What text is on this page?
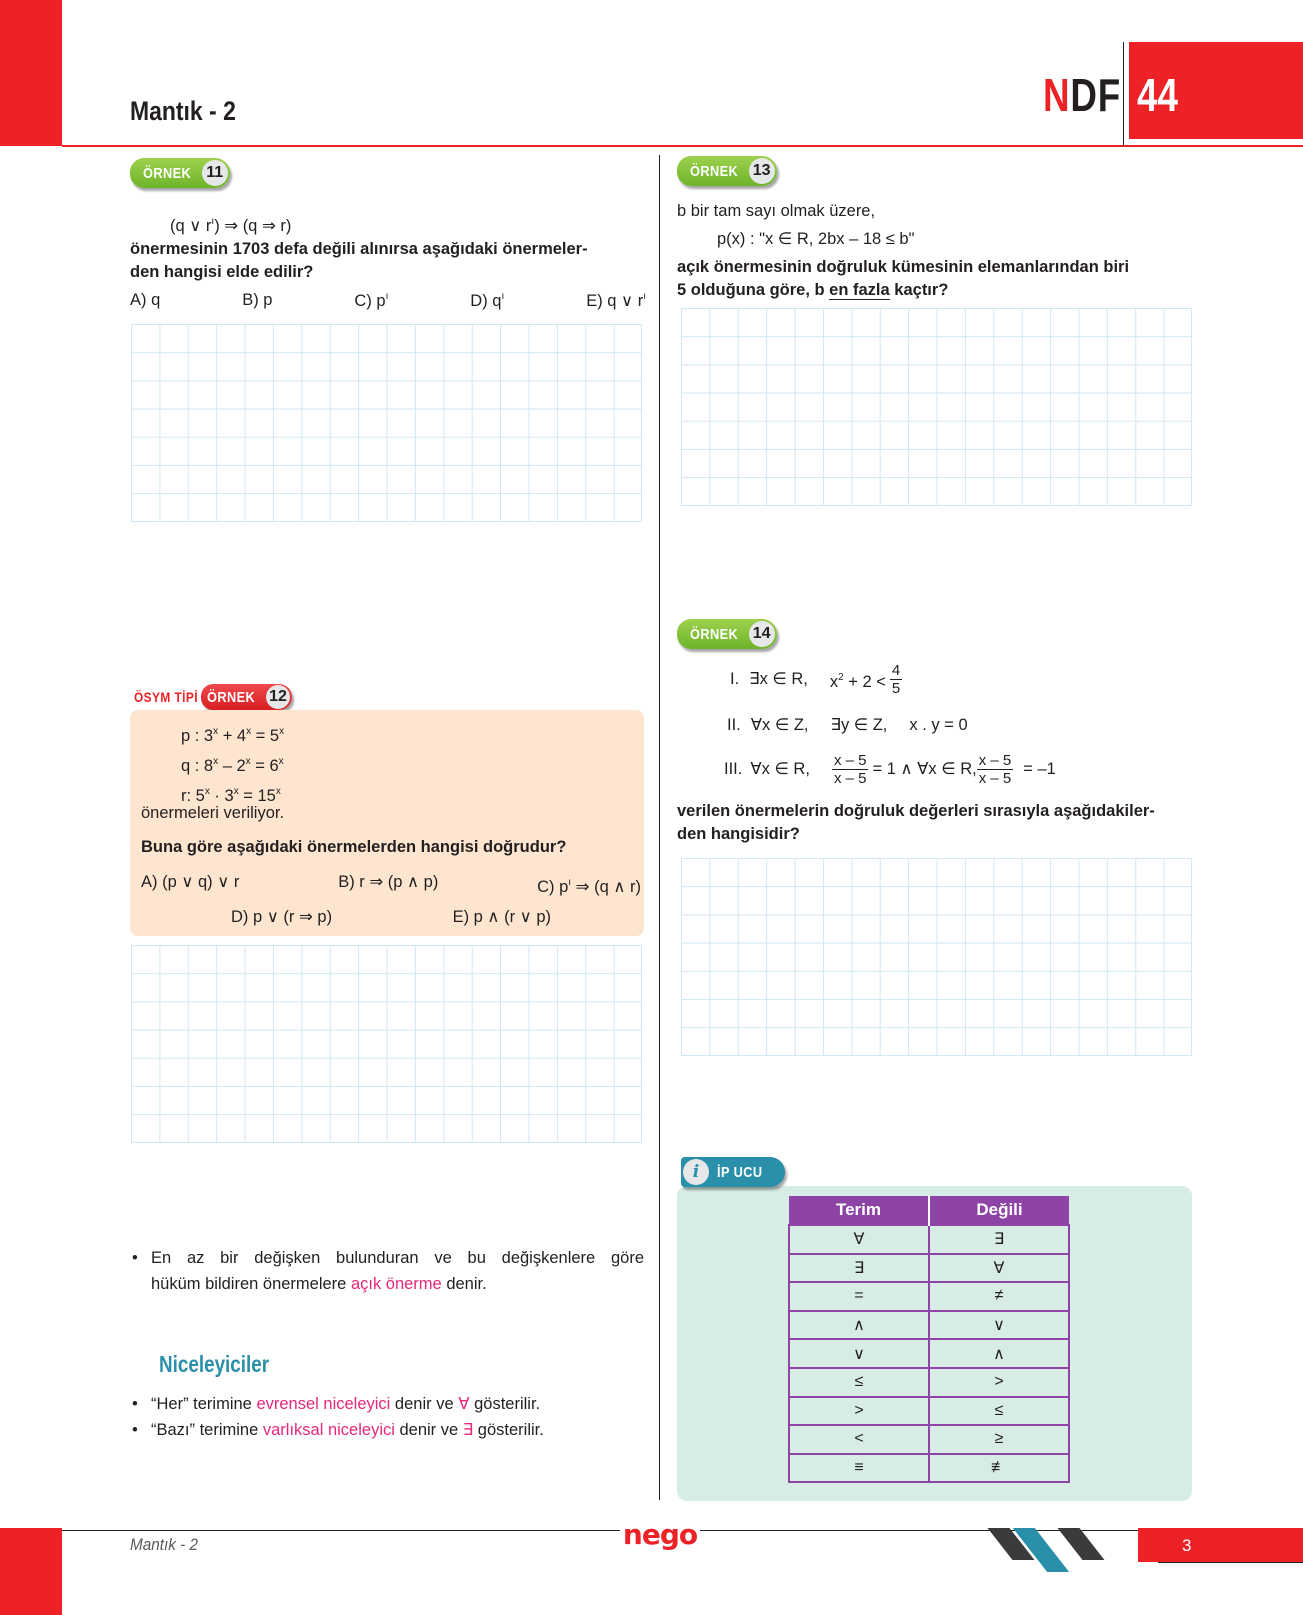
Mantık - 2	NDF 44
ÖRNEK 11
(q ∨ $r^ı$) ⇒ (q ⇒ r)
önermesinin 1703 defa değili alınırsa aşağıdaki önermeler-
den hangisi elde edilir?
A) q	B) p	C) $p^ı$	D) $q^ı$	E) q ∨ $r^ı$
ÖSYM TİPİ ÖRNEK 12
p : $3^x + 4^x = 5^x$
q : $8^x - 2^x = 6^x$
r: $5^x \cdot 3^x = 15^x$
önermeleri veriliyor.
Buna göre aşağıdaki önermelerden hangisi doğrudur?
A) (p ∨ q) ∨ r	B) r ⇒ (p ∧ p)	C) $p^ı$ ⇒ (q ∧ r)
D) p ∨ (r ⇒ p)	E) p ∧ (r ∨ p)
• En az bir değişken bulunduran ve bu değişkenlere göre
hüküm bildiren önermelere açık önerme denir.
Niceleyiciler
• “Her” terimine evrensel niceleyici denir ve ∀ gösterilir.
• “Bazı” terimine varlıksal niceleyici denir ve ∃ gösterilir.
ÖRNEK 13
b bir tam sayı olmak üzere,
p(x) : "x ∈ R, 2bx – 18 ≤ b"
açık önermesinin doğruluk kümesinin elemanlarından biri
5 olduğuna göre, b en fazla kaçtır?
ÖRNEK 14
I. ∃x ∈ R, $x^2 + 2 < \frac{4}{5}$
II. ∀x ∈ Z, ∃y ∈ Z, x . y = 0
III. ∀x ∈ R, $\frac{x - 5}{x - 5} = 1$ ∧ ∀x ∈ R, $\frac{x - 5}{x - 5} = -1$
verilen önermelerin doğruluk değerleri sırasıyla aşağıdakiler-
den hangisidir?
i	İP UCU
Terim	Değili
∀	∃
∃	∀
=	≠
∧	∨
∨	∧
≤	>
>	≤
<	≥
≡	≢
Mantık - 2	nego	3
